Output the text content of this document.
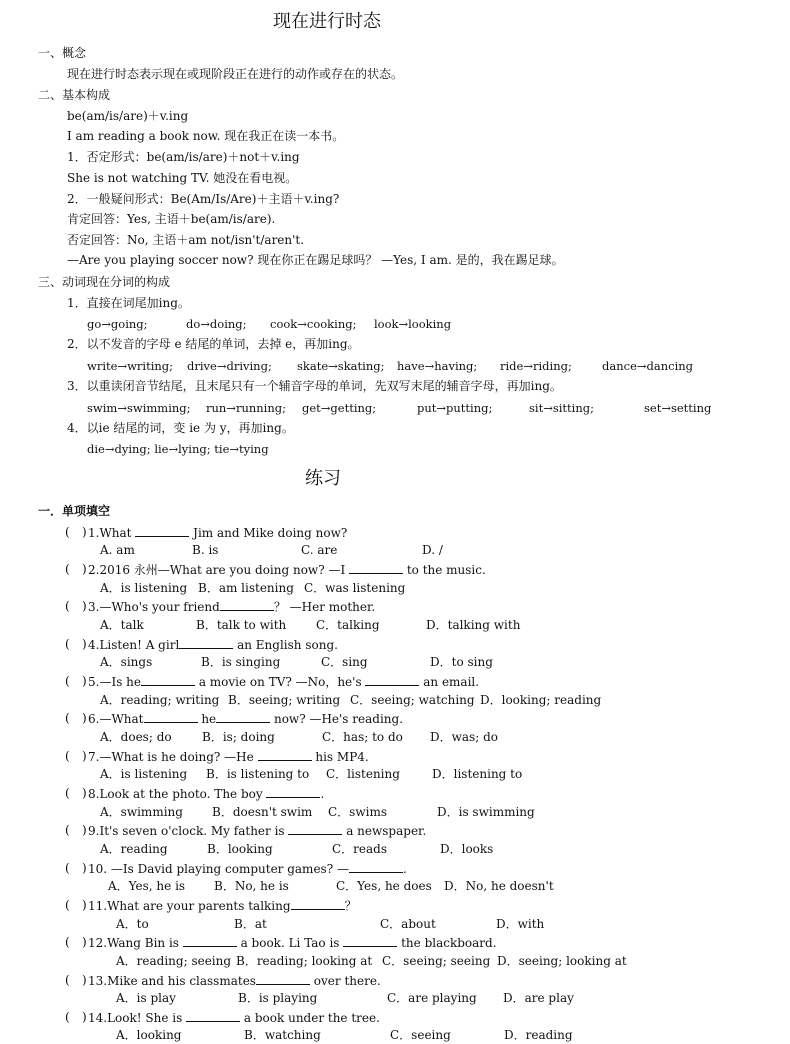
现在进行时态
一、概念
现在进行时态表示现在或现阶段正在进行的动作或存在的状态。
二、基本构成
be(am/is/are)＋v.ing
I am reading a book now. 现在我正在读一本书。
1．否定形式：be(am/is/are)＋not＋v.ing
She is not watching TV. 她没在看电视。
2．一般疑问形式：Be(Am/Is/Are)＋主语＋v.ing?
肯定回答：Yes, 主语＋be(am/is/are).
否定回答：No, 主语＋am not/isn't/aren't.
—Are you playing soccer now? 现在你正在踢足球吗？ —Yes, I am. 是的，我在踢足球。
三、动词现在分词的构成
1．直接在词尾加ing。
go→going;	do→doing; cook→cooking; look→looking
2．以不发音的字母 e 结尾的单词，去掉 e，再加ing。
write→writing; drive→driving; skate→skating; have→having; ride→riding;	dance→dancing
3．以重读闭音节结尾，且末尾只有一个辅音字母的单词，先双写末尾的辅音字母，再加ing。
swim→swimming; run→running; get→getting;	put→putting;	sit→sitting;	set→setting
4．以ie 结尾的词，变 ie 为 y，再加ing。
die→dying; lie→lying; tie→tying
练习
一．单项填空
( ) 1.What	Jim and Mike doing now?
A. am	B. is	C. are	D. /
( ) 2.2016 永州—What are you doing now? —I	to the music.
A．is listening B．am listening C．was listening
( ) 3.—Who's your friend	？ —Her mother.
A．talk	B．talk to with C．talking	D．talking with
( ) 4.Listen! A girl	an English song.
A．sings	B．is singing	C．sing	D．to sing
( ) 5.—Is he	a movie on TV? —No，he's	an email.
A．reading; writing B．seeing; writing C．seeing; watching D．looking; reading
( ) 6.—What	he	now? —He's reading.
A．does; do	B．is; doing	C．has; to do D．was; do
( ) 7.—What is he doing? —He	his MP4.
A．is listening B．is listening to C．listening	D．listening to
( ) 8.Look at the photo. The boy	.
A．swimming B．doesn't swim C．swims	D．is swimming
( ) 9.It's seven o'clock. My father is	a newspaper.
A．reading	B．looking	C．reads	D．looks
( ) 10. —Is David playing computer games? —	.
A．Yes, he is B．No, he is	C．Yes, he does D．No, he doesn't
( ) 11.What are your parents talking	？
A．to	B．at	C．about	D．with
( ) 12.Wang Bin is	a book. Li Tao is	the blackboard.
A．reading; seeing B．reading; looking at C．seeing; seeing D．seeing; looking at
( ) 13.Mike and his classmates	over there.
A．is play	B．is playing	C．are playing D．are play
( ) 14.Look! She is	a book under the tree.
A．looking	B．watching	C．seeing	D．reading
